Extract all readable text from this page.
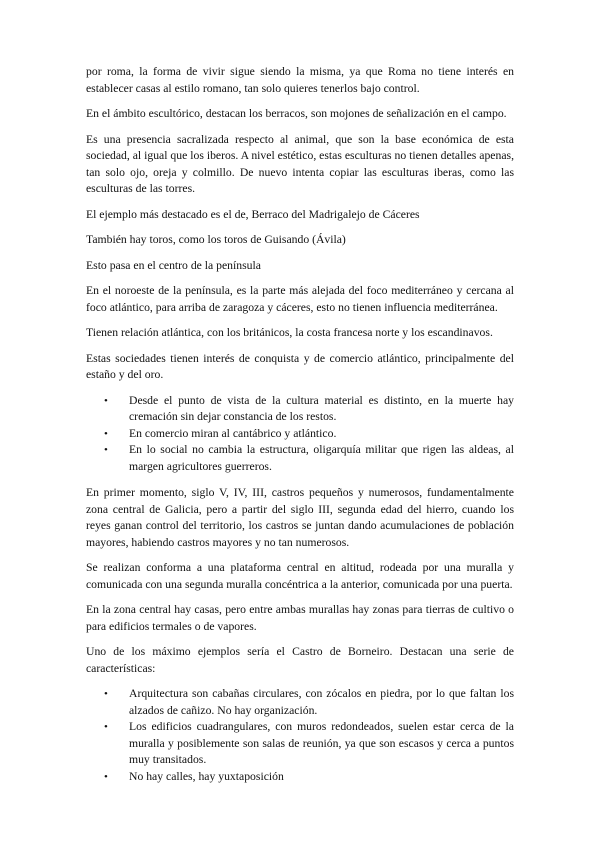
por roma, la forma de vivir sigue siendo la misma, ya que Roma no tiene interés en establecer casas al estilo romano, tan solo quieres tenerlos bajo control.

En el ámbito escultórico, destacan los berracos, son mojones de señalización en el campo.

Es una presencia sacralizada respecto al animal, que son la base económica de esta sociedad, al igual que los iberos. A nivel estético, estas esculturas no tienen detalles apenas, tan solo ojo, oreja y colmillo. De nuevo intenta copiar las esculturas iberas, como las esculturas de las torres.

El ejemplo más destacado es el de, Berraco del Madrigalejo de Cáceres

También hay toros, como los toros de Guisando (Ávila)

Esto pasa en el centro de la península

En el noroeste de la península, es la parte más alejada del foco mediterráneo y cercana al foco atlántico, para arriba de zaragoza y cáceres, esto no tienen influencia mediterránea.

Tienen relación atlántica, con los británicos, la costa francesa norte y los escandinavos.

Estas sociedades tienen interés de conquista y de comercio atlántico, principalmente del estaño y del oro.

• Desde el punto de vista de la cultura material es distinto, en la muerte hay cremación sin dejar constancia de los restos.
• En comercio miran al cantábrico y atlántico.
• En lo social no cambia la estructura, oligarquía militar que rigen las aldeas, al margen agricultores guerreros.

En primer momento, siglo V, IV, III, castros pequeños y numerosos, fundamentalmente zona central de Galicia, pero a partir del siglo III, segunda edad del hierro, cuando los reyes ganan control del territorio, los castros se juntan dando acumulaciones de población mayores, habiendo castros mayores y no tan numerosos.

Se realizan conforma a una plataforma central en altitud, rodeada por una muralla y comunicada con una segunda muralla concéntrica a la anterior, comunicada por una puerta.

En la zona central hay casas, pero entre ambas murallas hay zonas para tierras de cultivo o para edificios termales o de vapores.

Uno de los máximo ejemplos sería el Castro de Borneiro. Destacan una serie de características:

• Arquitectura son cabañas circulares, con zócalos en piedra, por lo que faltan los alzados de cañizo. No hay organización.
• Los edificios cuadrangulares, con muros redondeados, suelen estar cerca de la muralla y posiblemente son salas de reunión, ya que son escasos y cerca a puntos muy transitados.
• No hay calles, hay yuxtaposición
